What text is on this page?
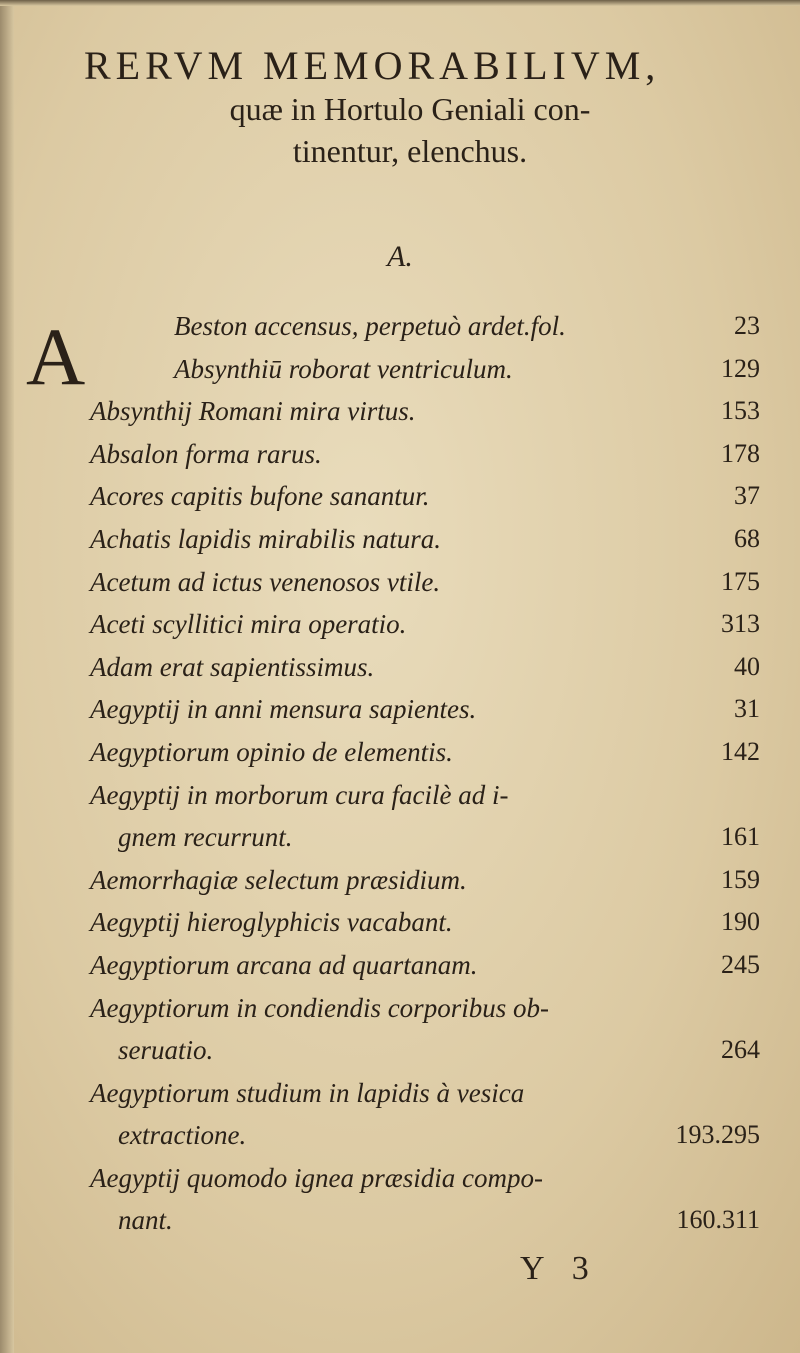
RERVM MEMORABILIVM,
quæ in Hortulo Geniali con-
tinentur, elenchus.
A.
A	Beston accensus, perpetuò ardet.fol.	23
Absynthiū roborat ventriculum.	129
Absynthij Romani mira virtus.	153
Absalon forma rarus.	178
Acores capitis bufone sanantur.	37
Achatis lapidis mirabilis natura.	68
Acetum ad ictus venenosos vtile.	175
Aceti scyllitici mira operatio.	313
Adam erat sapientissimus.	40
Aegyptij in anni mensura sapientes.	31
Aegyptiorum opinio de elementis.	142
Aegyptij in morborum cura facilè ad i-
gnem recurrunt.	161
Aemorrhagiæ selectum præsidium.	159
Aegyptij hieroglyphicis vacabant.	190
Aegyptiorum arcana ad quartanam.	245
Aegyptiorum in condiendis corporibus ob-
seruatio.	264
Aegyptiorum studium in lapidis à vesica
extractione.	193.295
Aegyptij quomodo ignea præsidia compo-
nant.	160.311
Y 3
